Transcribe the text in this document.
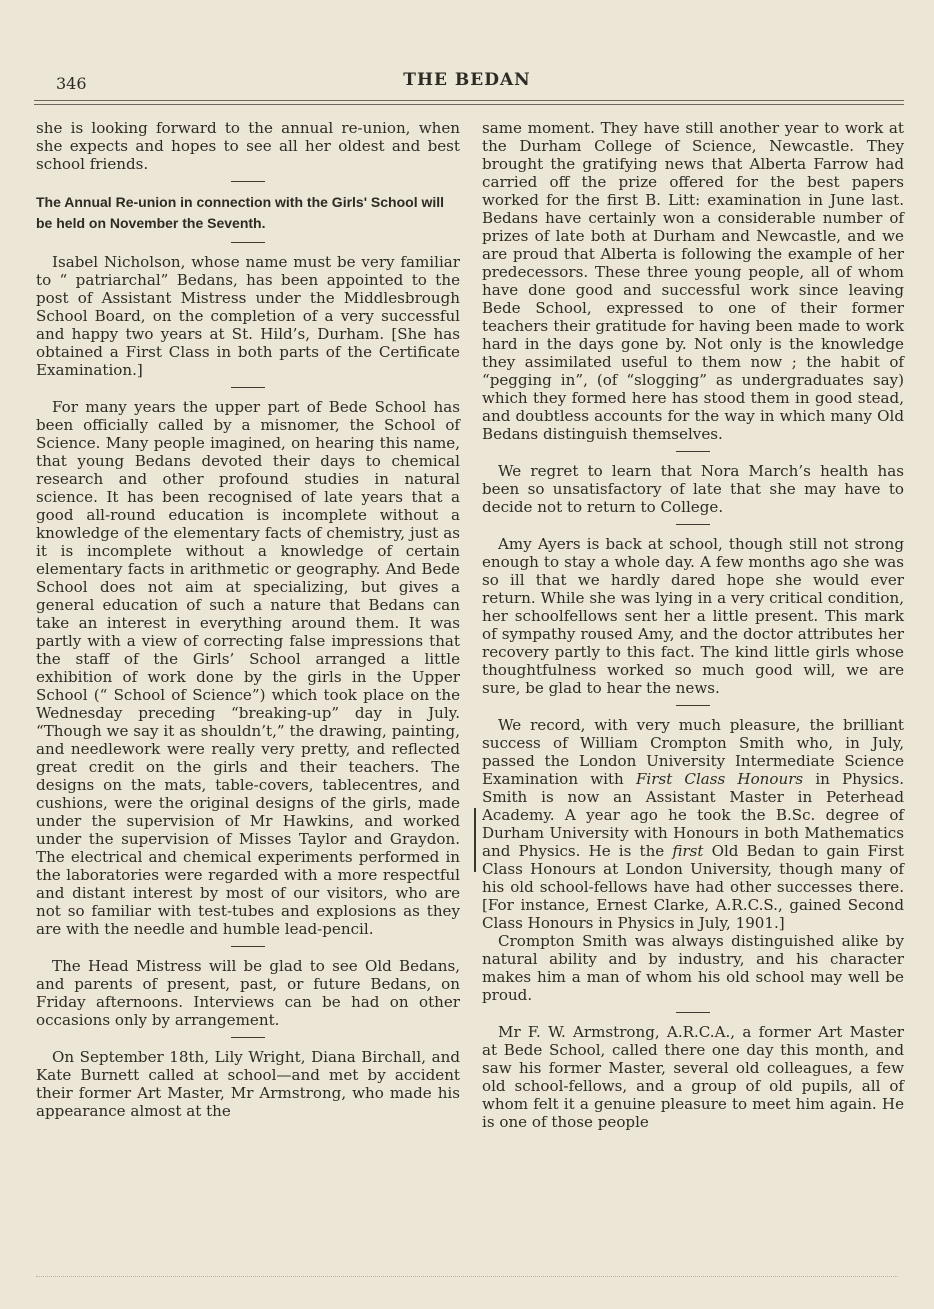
346	THE BEDAN

she is looking forward to the annual re-union, when she expects and hopes to see all her oldest and best school friends.

The Annual Re-union in connection with the Girls' School will be held on November the Seventh.

Isabel Nicholson, whose name must be very familiar to “ patriarchal” Bedans, has been appointed to the post of Assistant Mistress under the Middlesbrough School Board, on the completion of a very successful and happy two years at St. Hild’s, Durham. [She has obtained a First Class in both parts of the Certificate Examination.]

For many years the upper part of Bede School has been officially called by a misnomer, the School of Science. Many people imagined, on hearing this name, that young Bedans devoted their days to chemical research and other profound studies in natural science. It has been recognised of late years that a good all-round education is incomplete without a knowledge of the elementary facts of chemistry, just as it is incomplete without a knowledge of certain elementary facts in arithmetic or geography. And Bede School does not aim at specializing, but gives a general education of such a nature that Bedans can take an interest in everything around them. It was partly with a view of correcting false impressions that the staff of the Girls’ School arranged a little exhibition of work done by the girls in the Upper School (“ School of Science”) which took place on the Wednesday preceding “breaking-up” day in July. “Though we say it as shouldn’t,” the drawing, painting, and needlework were really very pretty, and reflected great credit on the girls and their teachers. The designs on the mats, table-covers, tablecentres, and cushions, were the original designs of the girls, made under the supervision of Mr Hawkins, and worked under the supervision of Misses Taylor and Graydon. The electrical and chemical experiments performed in the laboratories were regarded with a more respectful and distant interest by most of our visitors, who are not so familiar with test-tubes and explosions as they are with the needle and humble lead-pencil.

The Head Mistress will be glad to see Old Bedans, and parents of present, past, or future Bedans, on Friday afternoons. Interviews can be had on other occasions only by arrangement.

On September 18th, Lily Wright, Diana Birchall, and Kate Burnett called at school—and met by accident their former Art Master, Mr Armstrong, who made his appearance almost at the

same moment. They have still another year to work at the Durham College of Science, Newcastle. They brought the gratifying news that Alberta Farrow had carried off the prize offered for the best papers worked for the first B. Litt: examination in June last. Bedans have certainly won a considerable number of prizes of late both at Durham and Newcastle, and we are proud that Alberta is following the example of her predecessors. These three young people, all of whom have done good and successful work since leaving Bede School, expressed to one of their former teachers their gratitude for having been made to work hard in the days gone by. Not only is the knowledge they assimilated useful to them now ; the habit of “pegging in”, (of “slogging” as undergraduates say) which they formed here has stood them in good stead, and doubtless accounts for the way in which many Old Bedans distinguish themselves.

We regret to learn that Nora March’s health has been so unsatisfactory of late that she may have to decide not to return to College.

Amy Ayers is back at school, though still not strong enough to stay a whole day. A few months ago she was so ill that we hardly dared hope she would ever return. While she was lying in a very critical condition, her schoolfellows sent her a little present. This mark of sympathy roused Amy, and the doctor attributes her recovery partly to this fact. The kind little girls whose thoughtfulness worked so much good will, we are sure, be glad to hear the news.

We record, with very much pleasure, the brilliant success of William Crompton Smith who, in July, passed the London University Intermediate Science Examination with First Class Honours in Physics. Smith is now an Assistant Master in Peterhead Academy. A year ago he took the B.Sc. degree of Durham University with Honours in both Mathematics and Physics. He is the first Old Bedan to gain First Class Honours at London University, though many of his old school-fellows have had other successes there. [For instance, Ernest Clarke, A.R.C.S., gained Second Class Honours in Physics in July, 1901.]

Crompton Smith was always distinguished alike by natural ability and by industry, and his character makes him a man of whom his old school may well be proud.

Mr F. W. Armstrong, A.R.C.A., a former Art Master at Bede School, called there one day this month, and saw his former Master, several old colleagues, a few old school-fellows, and a group of old pupils, all of whom felt it a genuine pleasure to meet him again. He is one of those people
